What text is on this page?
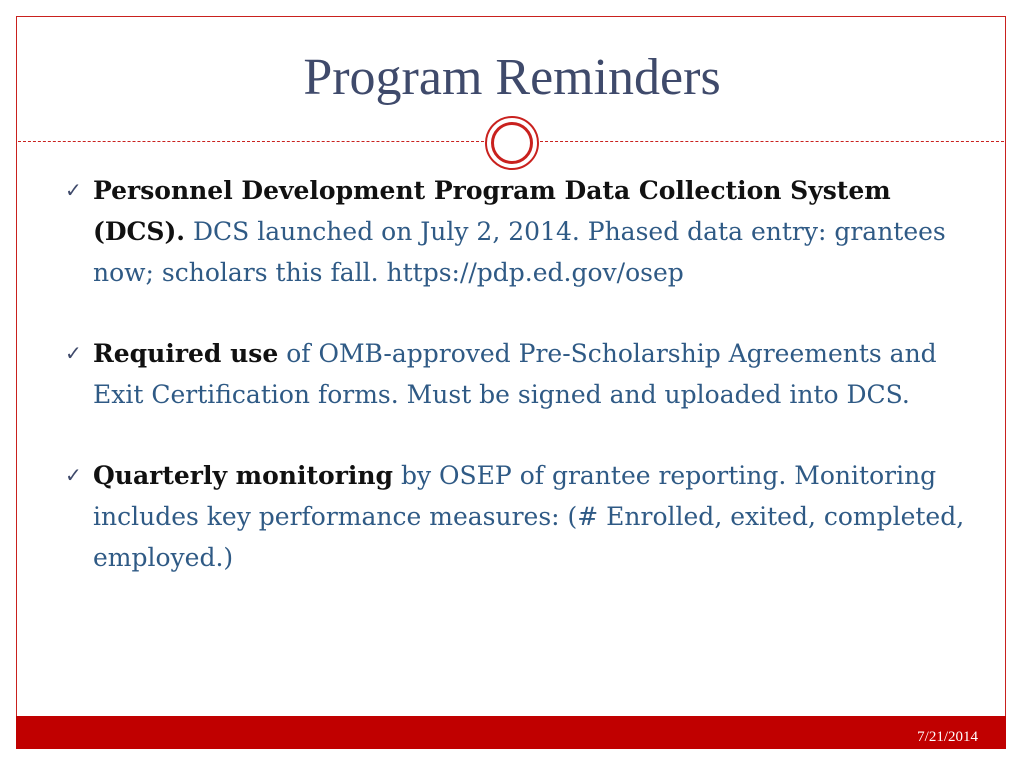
Program Reminders
✓ Personnel Development Program Data Collection System (DCS). DCS launched on July 2, 2014. Phased data entry: grantees now; scholars this fall. https://pdp.ed.gov/osep
✓ Required use of OMB-approved Pre-Scholarship Agreements and Exit Certification forms. Must be signed and uploaded into DCS.
✓ Quarterly monitoring by OSEP of grantee reporting. Monitoring includes key performance measures: (# Enrolled, exited, completed, employed.)
7/21/2014
